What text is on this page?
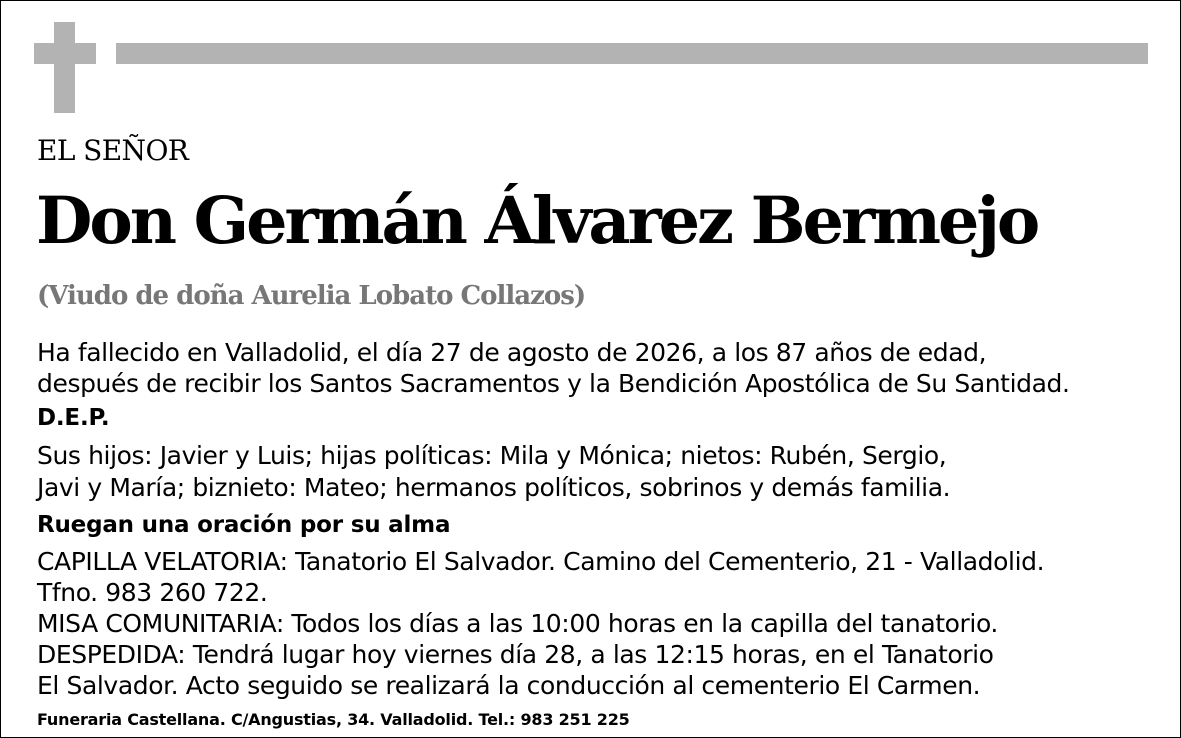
EL SEÑOR
Don Germán Álvarez Bermejo
(Viudo de doña Aurelia Lobato Collazos)

Ha fallecido en Valladolid, el día 27 de agosto de 2026, a los 87 años de edad,

después de recibir los Santos Sacramentos y la Bendición Apostólica de Su Santidad.

D.E.P.

Sus hijos: Javier y Luis; hijas políticas: Mila y Mónica; nietos: Rubén, Sergio,

Javi y María; biznieto: Mateo; hermanos políticos, sobrinos y demás familia.

Ruegan una oración por su alma

CAPILLA VELATORIA: Tanatorio El Salvador. Camino del Cementerio, 21 - Valladolid.

Tfno. 983 260 722.

MISA COMUNITARIA: Todos los días a las 10:00 horas en la capilla del tanatorio.

DESPEDIDA: Tendrá lugar hoy viernes día 28, a las 12:15 horas, en el Tanatorio

El Salvador. Acto seguido se realizará la conducción al cementerio El Carmen.

Funeraria Castellana. C/Angustias, 34. Valladolid. Tel.: 983 251 225
